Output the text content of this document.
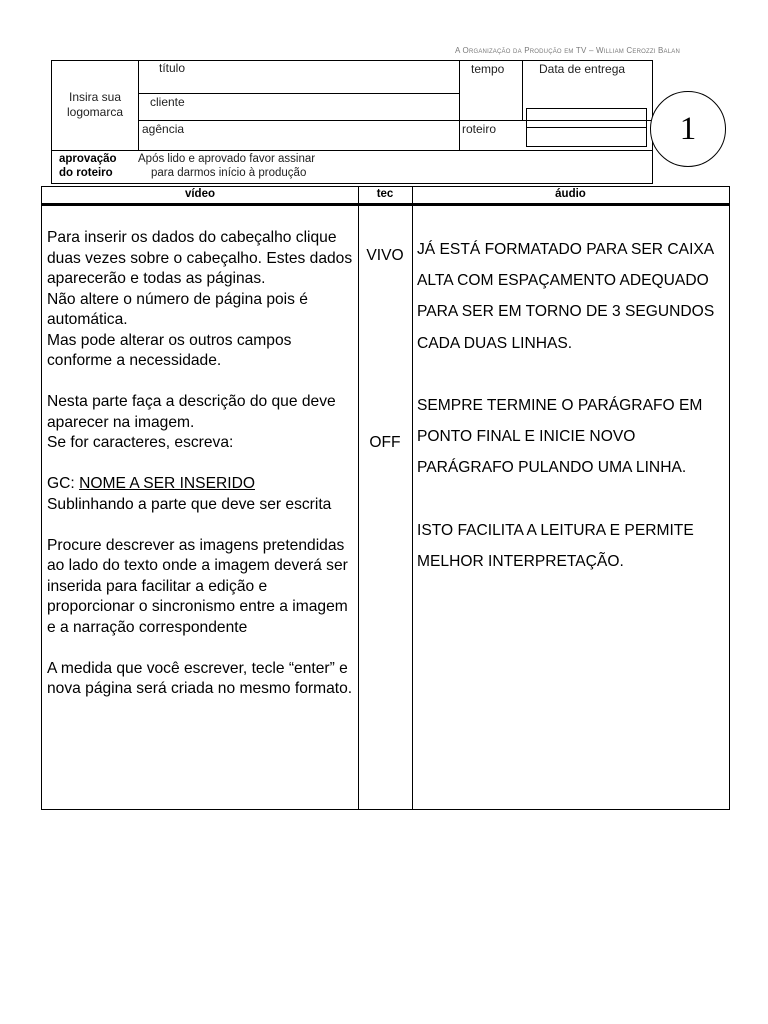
A Organização da Produção em TV – William Cerozzi Balan
Insira sua
logomarca
título
cliente
agência
tempo
roteiro
Data de entrega
1
aprovação
do roteiro
Após lido e aprovado favor assinar
para darmos início à produção
vídeo	tec	áudio

Para inserir os dados do cabeçalho clique duas vezes sobre o cabeçalho. Estes dados aparecerão e todas as páginas.
Não altere o número de página pois é automática.
Mas pode alterar os outros campos conforme a necessidade.

Nesta parte faça a descrição do que deve aparecer na imagem.
Se for caracteres, escreva:

GC: NOME A SER INSERIDO
Sublinhando a parte que deve ser escrita

Procure descrever as imagens pretendidas ao lado do texto onde a imagem deverá ser inserida para facilitar a edição e proporcionar o sincronismo entre a imagem e a narração correspondente

A medida que você escrever, tecle “enter” e nova página será criada no mesmo formato.

VIVO
OFF

JÁ ESTÁ FORMATADO PARA SER CAIXA ALTA COM ESPAÇAMENTO ADEQUADO PARA SER EM TORNO DE 3 SEGUNDOS CADA DUAS LINHAS.

SEMPRE TERMINE O PARÁGRAFO EM PONTO FINAL E INICIE NOVO PARÁGRAFO PULANDO UMA LINHA.

ISTO FACILITA A LEITURA E PERMITE MELHOR INTERPRETAÇÃO.
